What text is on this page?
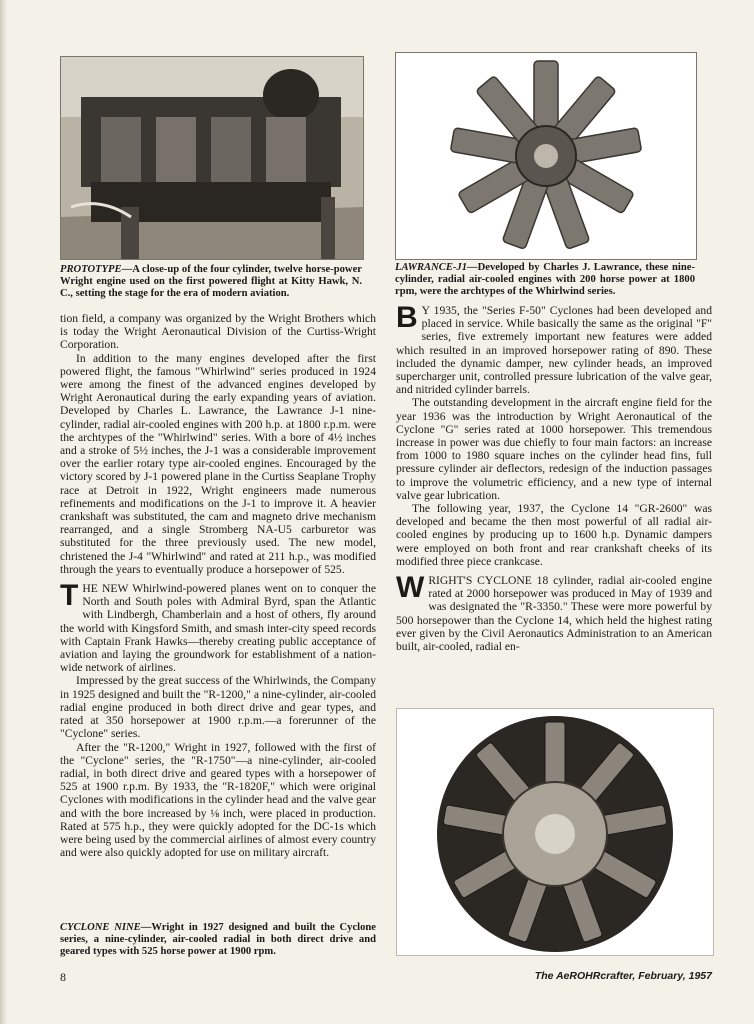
PROTOTYPE—A close-up of the four cylinder, twelve horse-power Wright engine used on the first powered flight at Kitty Hawk, N. C., setting the stage for the era of modern aviation.
LAWRANCE-J1—Developed by Charles J. Lawrance, these nine-cylinder, radial air-cooled engines with 200 horse power at 1800 rpm, were the archtypes of the Whirlwind series.

tion field, a company was organized by the Wright Brothers which is today the Wright Aeronautical Division of the Curtiss-Wright Corporation.

In addition to the many engines developed after the first powered flight, the famous "Whirlwind" series produced in 1924 were among the finest of the advanced engines developed by Wright Aeronautical during the early expanding years of aviation. Developed by Charles L. Lawrance, the Lawrance J-1 nine-cylinder, radial air-cooled engines with 200 h.p. at 1800 r.p.m. were the archtypes of the "Whirlwind" series. With a bore of 4½ inches and a stroke of 5½ inches, the J-1 was a considerable improvement over the earlier rotary type air-cooled engines. Encouraged by the victory scored by J-1 powered plane in the Curtiss Seaplane Trophy race at Detroit in 1922, Wright engineers made numerous refinements and modifications on the J-1 to improve it. A heavier crankshaft was substituted, the cam and magneto drive mechanism rearranged, and a single Stromberg NA-U5 carburetor was substituted for the three previously used. The new model, christened the J-4 "Whirlwind" and rated at 211 h.p., was modified through the years to eventually produce a horsepower of 525.

THE NEW Whirlwind-powered planes went on to conquer the North and South poles with Admiral Byrd, span the Atlantic with Lindbergh, Chamberlain and a host of others, fly around the world with Kingsford Smith, and smash inter-city speed records with Captain Frank Hawks—thereby creating public acceptance of aviation and laying the groundwork for establishment of a nation-wide network of airlines.

Impressed by the great success of the Whirlwinds, the Company in 1925 designed and built the "R-1200," a nine-cylinder, air-cooled radial engine produced in both direct drive and gear types, and rated at 350 horsepower at 1900 r.p.m.—a forerunner of the "Cyclone" series.

After the "R-1200," Wright in 1927, followed with the first of the "Cyclone" series, the "R-1750"—a nine-cylinder, air-cooled radial, in both direct drive and geared types with a horsepower of 525 at 1900 r.p.m. By 1933, the "R-1820F," which were original Cyclones with modifications in the cylinder head and the valve gear and with the bore increased by ⅛ inch, were placed in production. Rated at 575 h.p., they were quickly adopted for the DC-1s which were being used by the commercial airlines of almost every country and were also quickly adopted for use on military aircraft.

CYCLONE NINE—Wright in 1927 designed and built the Cyclone series, a nine-cylinder, air-cooled radial in both direct drive and geared types with 525 horse power at 1900 rpm.

B Y 1935, the "Series F-50" Cyclones had been developed and placed in service. While basically the same as the original "F" series, five extremely important new features were added which resulted in an improved horsepower rating of 890. These included the dynamic damper, new cylinder heads, an improved supercharger unit, controlled pressure lubrication of the valve gear, and nitrided cylinder barrels.

The outstanding development in the aircraft engine field for the year 1936 was the introduction by Wright Aeronautical of the Cyclone "G" series rated at 1000 horsepower. This tremendous increase in power was due chiefly to four main factors: an increase from 1000 to 1980 square inches on the cylinder head fins, full pressure cylinder air deflectors, redesign of the induction passages to improve the volumetric efficiency, and a new type of internal valve gear lubrication.

The following year, 1937, the Cyclone 14 "GR-2600" was developed and became the then most powerful of all radial air-cooled engines by producing up to 1600 h.p. Dynamic dampers were employed on both front and rear crankshaft cheeks of its modified three piece crankcase.

WRIGHT'S CYCLONE 18 cylinder, radial air-cooled engine rated at 2000 horsepower was produced in May of 1939 and was designated the "R-3350." These were more powerful by 500 horsepower than the Cyclone 14, which held the highest rating ever given by the Civil Aeronautics Administration to an American built, air-cooled, radial en-

8	The AeROHRcrafter, February, 1957
